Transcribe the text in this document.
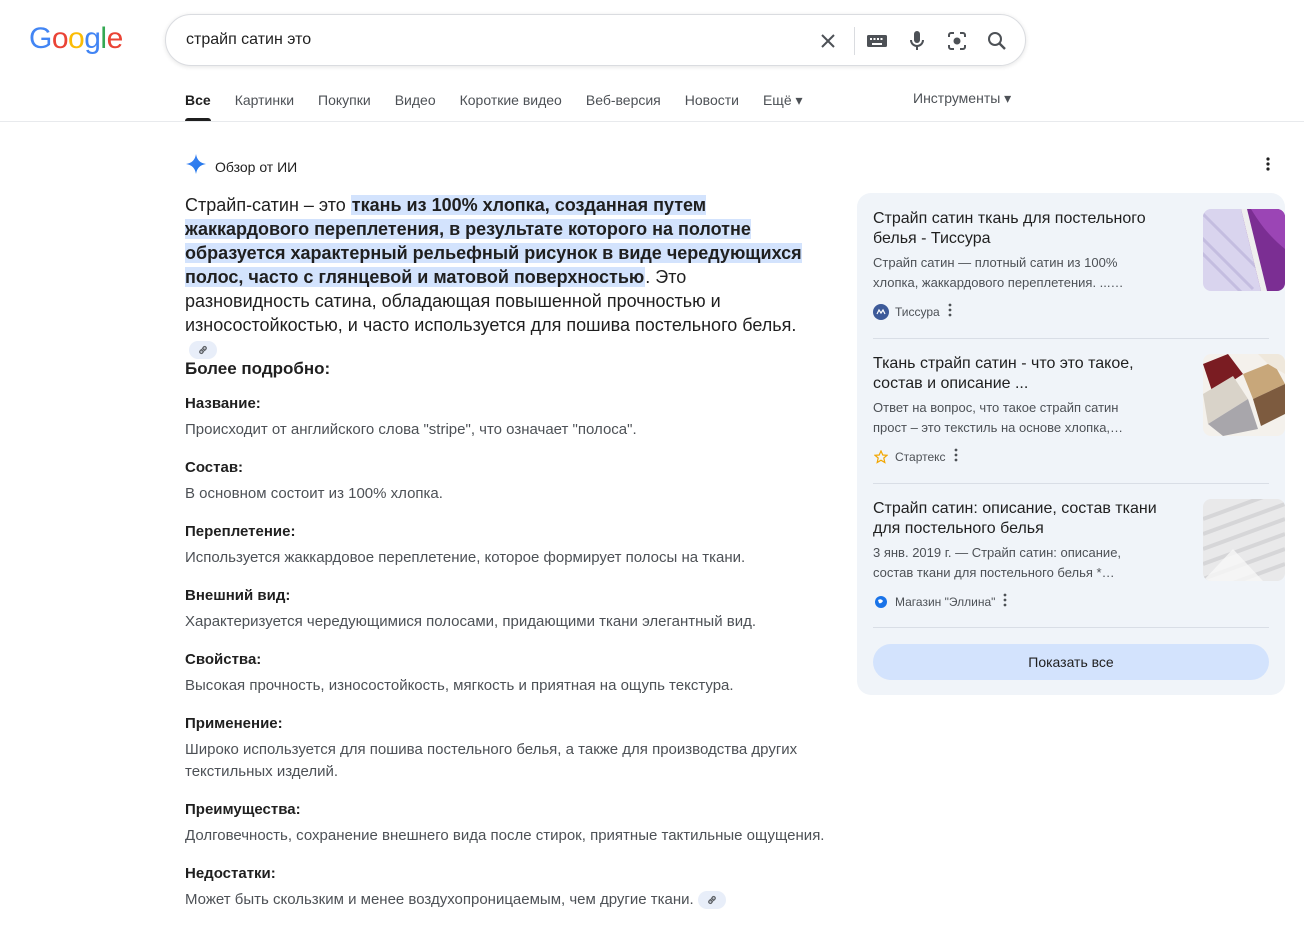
Google	страйп сатин это
Все Картинки Покупки Видео Короткие видео Веб-версия Новости Ещё ▾	Инструменты ▾
Обзор от ИИ
Страйп-сатин – это ткань из 100% хлопка, созданная путем жаккардового переплетения, в результате которого на полотне образуется характерный рельефный рисунок в виде чередующихся полос, часто с глянцевой и матовой поверхностью. Это разновидность сатина, обладающая повышенной прочностью и износостойкостью, и часто используется для пошива постельного белья.
Более подробно:
Название:
Происходит от английского слова "stripe", что означает "полоса".
Состав:
В основном состоит из 100% хлопка.
Переплетение:
Используется жаккардовое переплетение, которое формирует полосы на ткани.
Внешний вид:
Характеризуется чередующимися полосами, придающими ткани элегантный вид.
Свойства:
Высокая прочность, износостойкость, мягкость и приятная на ощупь текстура.
Применение:
Широко используется для пошива постельного белья, а также для производства других текстильных изделий.
Преимущества:
Долговечность, сохранение внешнего вида после стирок, приятные тактильные ощущения.
Недостатки:
Может быть скользким и менее воздухопроницаемым, чем другие ткани.
Страйп сатин ткань для постельного белья - Тиссура
Страйп сатин — плотный сатин из 100% хлопка, жаккардового переплетения. ...…
Тиссура
Ткань страйп сатин - что это такое, состав и описание ...
Ответ на вопрос, что такое страйп сатин прост – это текстиль на основе хлопка,…
Стартекс
Страйп сатин: описание, состав ткани для постельного белья
3 янв. 2019 г. — Страйп сатин: описание, состав ткани для постельного белья *…
Магазин "Эллина"
Показать все
